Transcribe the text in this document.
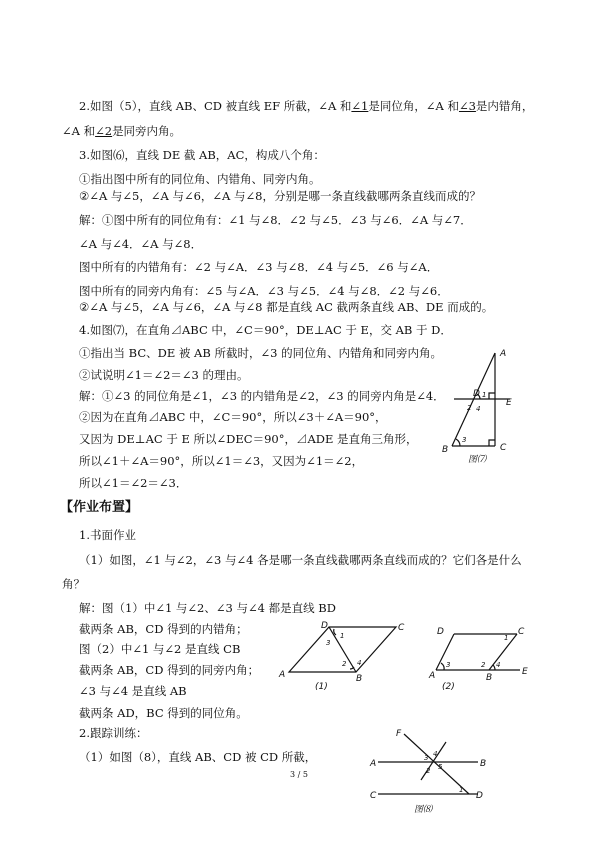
2.如图（5），直线 AB、CD 被直线 EF 所截，∠A 和∠1是同位角，∠A 和∠3是内错角，
∠A 和∠2是同旁内角。
3.如图⑹，直线 DE 截 AB，AC，构成八个角：
①指出图中所有的同位角、内错角、同旁内角。
②∠A 与∠5，∠A 与∠6，∠A 与∠8，分别是哪一条直线截哪两条直线而成的？
解：①图中所有的同位角有：∠1 与∠8．∠2 与∠5．∠3 与∠6．∠A 与∠7．
∠A 与∠4．∠A 与∠8．
图中所有的内错角有：∠2 与∠A．∠3 与∠8．∠4 与∠5．∠6 与∠A．
图中所有的同旁内角有：∠5 与∠A．∠3 与∠5．∠4 与∠8．∠2 与∠6．
②∠A 与∠5，∠A 与∠6，∠A 与∠8 都是直线 AC 截两条直线 AB、DE 而成的。
4.如图⑺，在直角⊿ABC 中，∠C＝90°，DE⊥AC 于 E，交 AB 于 D．
①指出当 BC、DE 被 AB 所截时，∠3 的同位角、内错角和同旁内角。
②试说明∠1＝∠2＝∠3 的理由。
解：①∠3 的同位角是∠1，∠3 的内错角是∠2，∠3 的同旁内角是∠4．
②因为在直角⊿ABC 中，∠C＝90°，所以∠3＋∠A＝90°，
又因为 DE⊥AC 于 E 所以∠DEC＝90°，⊿ADE 是直角三角形，
所以∠1＋∠A＝90°，所以∠1＝∠3，又因为∠1＝∠2，
所以∠1＝∠2＝∠3．
A
B	C
D
E
1
2
3
4
图⑺
【作业布置】
1.书面作业
（1）如图，∠1 与∠2，∠3 与∠4 各是哪一条直线截哪两条直线而成的？它们各是什么
角？
解：图（1）中∠1 与∠2、∠3 与∠4 都是直线 BD
截两条 AB，CD 得到的内错角；
图（2）中∠1 与∠2 是直线 CB
截两条 AB，CD 得到的同旁内角；
∠3 与∠4 是直线 AB
截两条 AD，BC 得到的同位角。
2.跟踪训练：
（1）如图（8），直线 AB、CD 被 CD 所截，
A	B
C
D
1
2
3
4
(1)
A	B
C
D
E
1
2
3	4
(2)
A	B
C	D
F
1
2
3 4
5
图⑻
3 / 5
